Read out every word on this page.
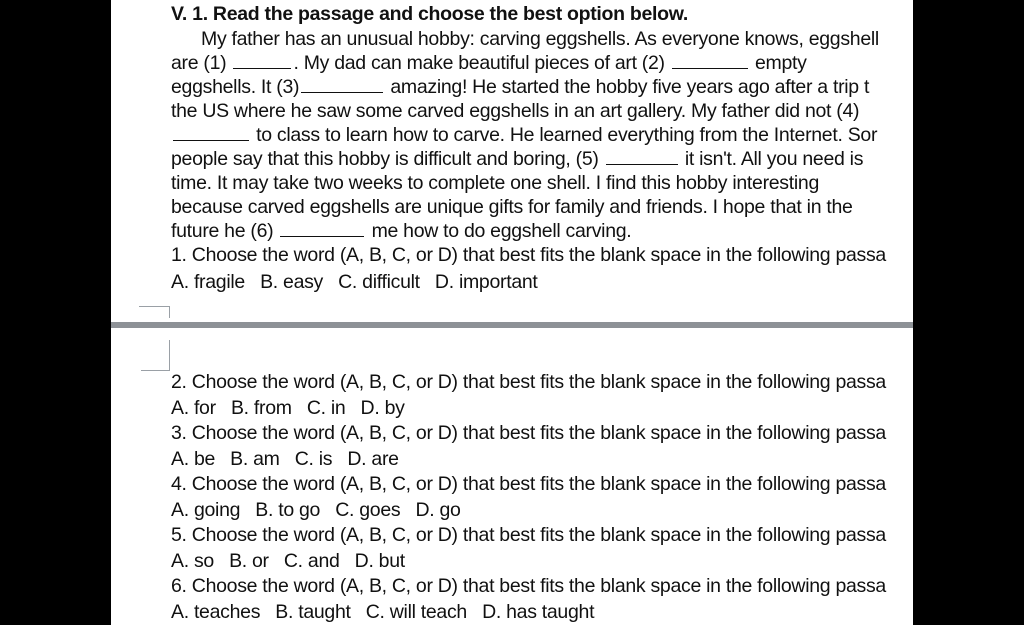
V. 1. Read the passage and choose the best option below.
My father has an unusual hobby: carving eggshells. As everyone knows, eggshell
are (1)	. My dad can make beautiful pieces of art (2)	empty
eggshells. It (3)	amazing! He started the hobby five years ago after a trip t
the US where he saw some carved eggshells in an art gallery. My father did not (4)
to class to learn how to carve. He learned everything from the Internet. Sor
people say that this hobby is difficult and boring, (5)	it isn't. All you need is
time. It may take two weeks to complete one shell. I find this hobby interesting
because carved eggshells are unique gifts for family and friends. I hope that in the
future he (6)	me how to do eggshell carving.
1. Choose the word (A, B, C, or D) that best fits the blank space in the following passa
A. fragile B. easy C. difficult D. important
2. Choose the word (A, B, C, or D) that best fits the blank space in the following passa
A. for B. from C. in D. by
3. Choose the word (A, B, C, or D) that best fits the blank space in the following passa
A. be B. am C. is D. are
4. Choose the word (A, B, C, or D) that best fits the blank space in the following passa
A. going B. to go C. goes D. go
5. Choose the word (A, B, C, or D) that best fits the blank space in the following passa
A. so B. or C. and D. but
6. Choose the word (A, B, C, or D) that best fits the blank space in the following passa
A. teaches B. taught C. will teach D. has taught
